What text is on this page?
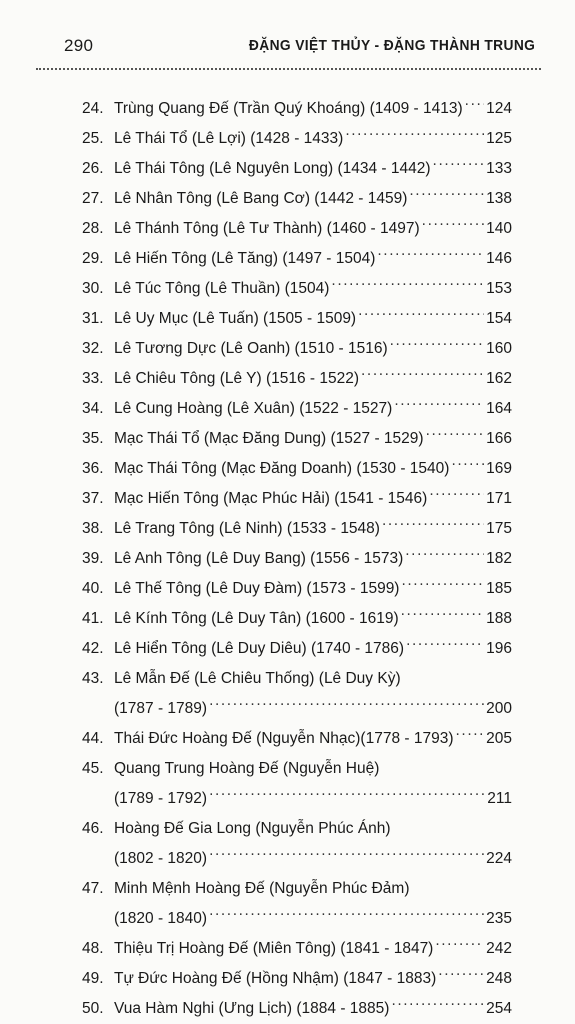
290	ĐẶNG VIỆT THỦY - ĐẶNG THÀNH TRUNG
24. Trùng Quang Đế (Trần Quý Khoáng) (1409 - 1413) ..... 124
25. Lê Thái Tổ (Lê Lợi) (1428 - 1433) .....	125
26. Lê Thái Tông (Lê Nguyên Long) (1434 - 1442) .....	133
27. Lê Nhân Tông (Lê Bang Cơ) (1442 - 1459) .....	138
28. Lê Thánh Tông (Lê Tư Thành) (1460 - 1497) .....	140
29. Lê Hiến Tông (Lê Tăng) (1497 - 1504) .....	146
30. Lê Túc Tông (Lê Thuần) (1504) .....	153
31. Lê Uy Mục (Lê Tuấn) (1505 - 1509) .....	154
32. Lê Tương Dực (Lê Oanh) (1510 - 1516) .....	160
33. Lê Chiêu Tông (Lê Y) (1516 - 1522) .....	162
34. Lê Cung Hoàng (Lê Xuân) (1522 - 1527) .....	164
35. Mạc Thái Tổ (Mạc Đăng Dung) (1527 - 1529) .....	166
36. Mạc Thái Tông (Mạc Đăng Doanh) (1530 - 1540) ..... 169
37. Mạc Hiến Tông (Mạc Phúc Hải) (1541 - 1546) .....	171
38. Lê Trang Tông (Lê Ninh) (1533 - 1548) .....	175
39. Lê Anh Tông (Lê Duy Bang) (1556 - 1573) .....	182
40. Lê Thế Tông (Lê Duy Đàm) (1573 - 1599) .....	185
41. Lê Kính Tông (Lê Duy Tân) (1600 - 1619) .....	188
42. Lê Hiển Tông (Lê Duy Diêu) (1740 - 1786) .....	196
43. Lê Mẫn Đế (Lê Chiêu Thống) (Lê Duy Kỳ)
(1787 - 1789) .....	200
44. Thái Đức Hoàng Đế (Nguyễn Nhạc)(1778 - 1793) ..... 205
45. Quang Trung Hoàng Đế (Nguyễn Huệ)
(1789 - 1792) .....	211
46. Hoàng Đế Gia Long (Nguyễn Phúc Ánh)
(1802 - 1820) .....	224
47. Minh Mệnh Hoàng Đế (Nguyễn Phúc Đảm)
(1820 - 1840) .....	235
48. Thiệu Trị Hoàng Đế (Miên Tông) (1841 - 1847) .....	242
49. Tự Đức Hoàng Đế (Hồng Nhậm) (1847 - 1883) .....	248
50. Vua Hàm Nghi (Ưng Lịch) (1884 - 1885) .....	254
